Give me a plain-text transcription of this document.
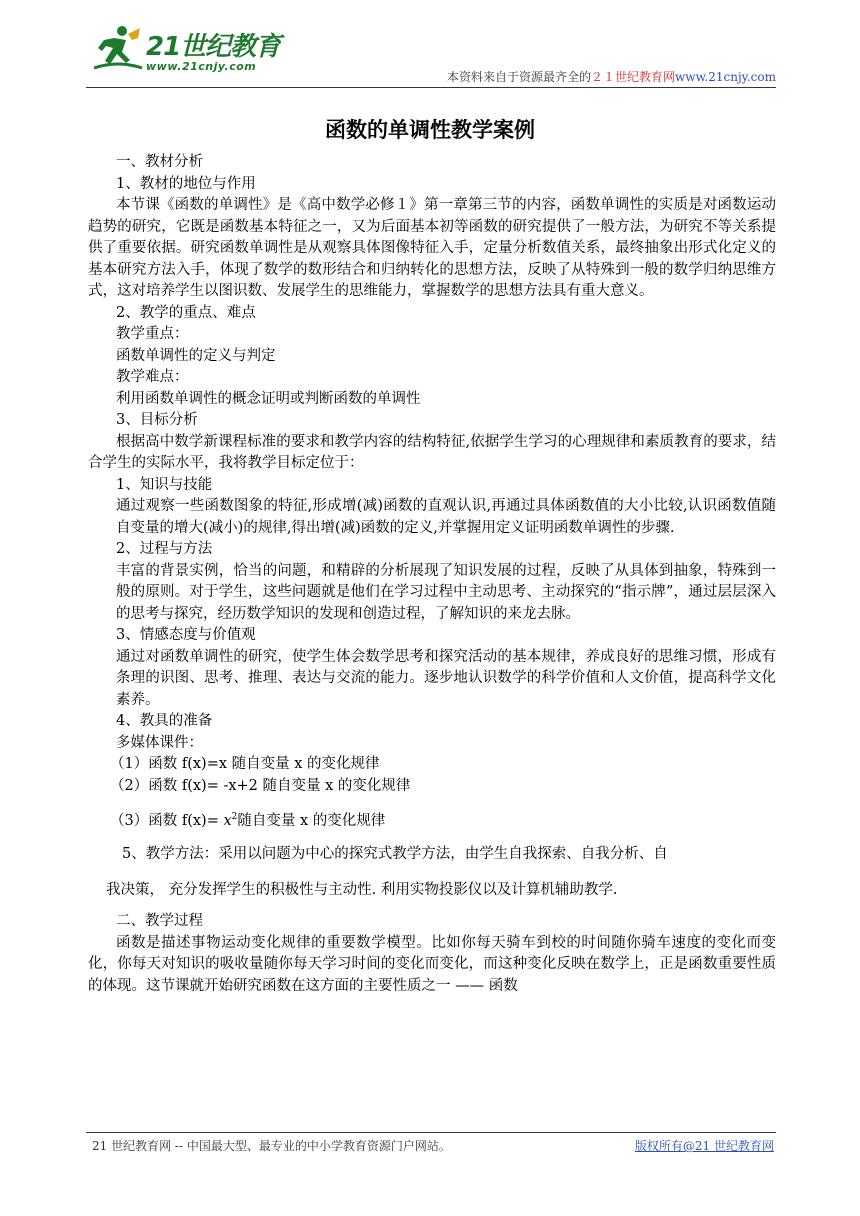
21世纪教育
www.21cnjy.com
本资料来自于资源最齐全的２１世纪教育网www.21cnjy.com
函数的单调性教学案例

一、教材分析

1、教材的地位与作用

本节课《函数的单调性》是《高中数学必修１》第一章第三节的内容，函数单调性的实质是对函数运动趋势的研究，它既是函数基本特征之一，又为后面基本初等函数的研究提供了一般方法，为研究不等关系提供了重要依据。研究函数单调性是从观察具体图像特征入手，定量分析数值关系，最终抽象出形式化定义的基本研究方法入手，体现了数学的数形结合和归纳转化的思想方法，反映了从特殊到一般的数学归纳思维方式，这对培养学生以图识数、发展学生的思维能力，掌握数学的思想方法具有重大意义。

2、教学的重点、难点

教学重点：

函数单调性的定义与判定

教学难点：

利用函数单调性的概念证明或判断函数的单调性

3、目标分析

根据高中数学新课程标准的要求和教学内容的结构特征,依据学生学习的心理规律和素质教育的要求，结合学生的实际水平，我将教学目标定位于：

1、知识与技能

通过观察一些函数图象的特征,形成增(减)函数的直观认识,再通过具体函数值的大小比较,认识函数值随自变量的增大(减小)的规律,得出增(减)函数的定义,并掌握用定义证明函数单调性的步骤.

2、过程与方法

丰富的背景实例，恰当的问题，和精辟的分析展现了知识发展的过程，反映了从具体到抽象，特殊到一般的原则。对于学生，这些问题就是他们在学习过程中主动思考、主动探究的“指示牌”，通过层层深入的思考与探究，经历数学知识的发现和创造过程，了解知识的来龙去脉。

3、情感态度与价值观

通过对函数单调性的研究，使学生体会数学思考和探究活动的基本规律，养成良好的思维习惯，形成有条理的识图、思考、推理、表达与交流的能力。逐步地认识数学的科学价值和人文价值，提高科学文化素养。

4、教具的准备

多媒体课件：

（1）函数 f(x)=x 随自变量 x 的变化规律

（2）函数 f(x)= -x+2 随自变量 x 的变化规律

（3）函数 $f(x)= x^2$随自变量 x 的变化规律

5、教学方法：采用以问题为中心的探究式教学方法，由学生自我探索、自我分析、自

我决策， 充分发挥学生的积极性与主动性. 利用实物投影仪以及计算机辅助教学.

二、教学过程

函数是描述事物运动变化规律的重要数学模型。比如你每天骑车到校的时间随你骑车速度的变化而变化，你每天对知识的吸收量随你每天学习时间的变化而变化，而这种变化反映在数学上，正是函数重要性质的体现。这节课就开始研究函数在这方面的主要性质之一 —— 函数

21 世纪教育网 -- 中国最大型、最专业的中小学教育资源门户网站。	版权所有@21 世纪教育网
